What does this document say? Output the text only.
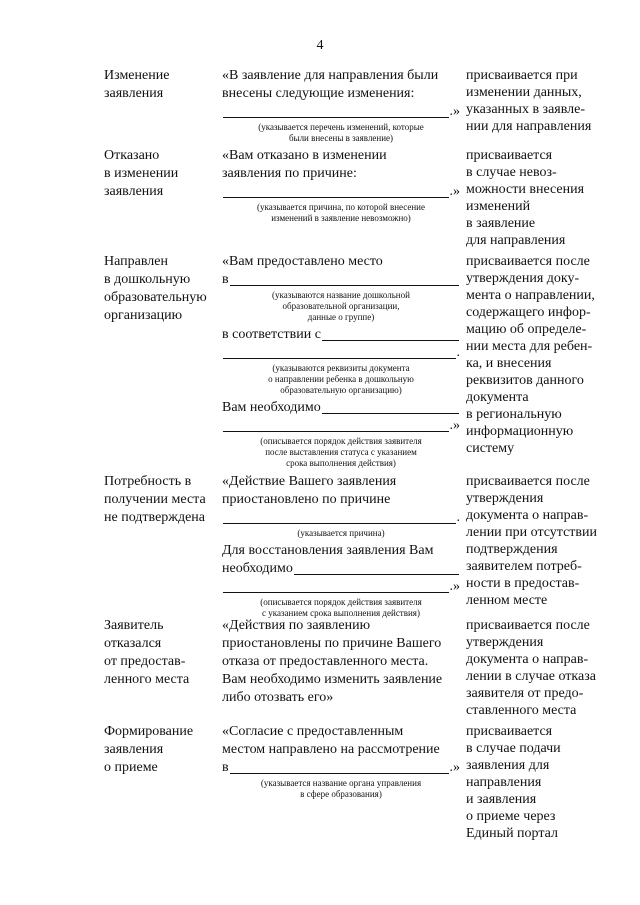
4
Изменение
заявления
«В заявление для направления были
внесены следующие изменения:
.»
(указывается перечень изменений, которые
были внесены в заявление)
присваивается при
изменении данных,
указанных в заявле-
нии для направления
Отказано
в изменении
заявления
«Вам отказано в изменении
заявления по причине:
.»
(указывается причина, по которой внесение
изменений в заявление невозможно)
присваивается
в случае невоз-
можности внесения
изменений
в заявление
для направления
Направлен
в дошкольную
образовательную
организацию
«Вам предоставлено место
в
(указываются название дошкольной
образовательной организации,
данные о группе)
в соответствии с
.
(указываются реквизиты документа
о направлении ребенка в дошкольную
образовательную организацию)
Вам необходимо
.»
(описывается порядок действия заявителя
после выставления статуса с указанием
срока выполнения действия)
присваивается после
утверждения доку-
мента о направлении,
содержащего инфор-
мацию об определе-
нии места для ребен-
ка, и внесения
реквизитов данного
документа
в региональную
информационную
систему
Потребность в
получении места
не подтверждена
«Действие Вашего заявления
приостановлено по причине
.
(указывается причина)
Для восстановления заявления Вам
необходимо
.»
(описывается порядок действия заявителя
с указанием срока выполнения действия)
присваивается после
утверждения
документа о направ-
лении при отсутствии
подтверждения
заявителем потреб-
ности в предостав-
ленном месте
Заявитель
отказался
от предостав-
ленного места
«Действия по заявлению
приостановлены по причине Вашего
отказа от предоставленного места.
Вам необходимо изменить заявление
либо отозвать его»
присваивается после
утверждения
документа о направ-
лении в случае отказа
заявителя от предо-
ставленного места
Формирование
заявления
о приеме
«Согласие с предоставленным
местом направлено на рассмотрение
в	.»
(указывается название органа управления
в сфере образования)
присваивается
в случае подачи
заявления для
направления
и заявления
о приеме через
Единый портал
